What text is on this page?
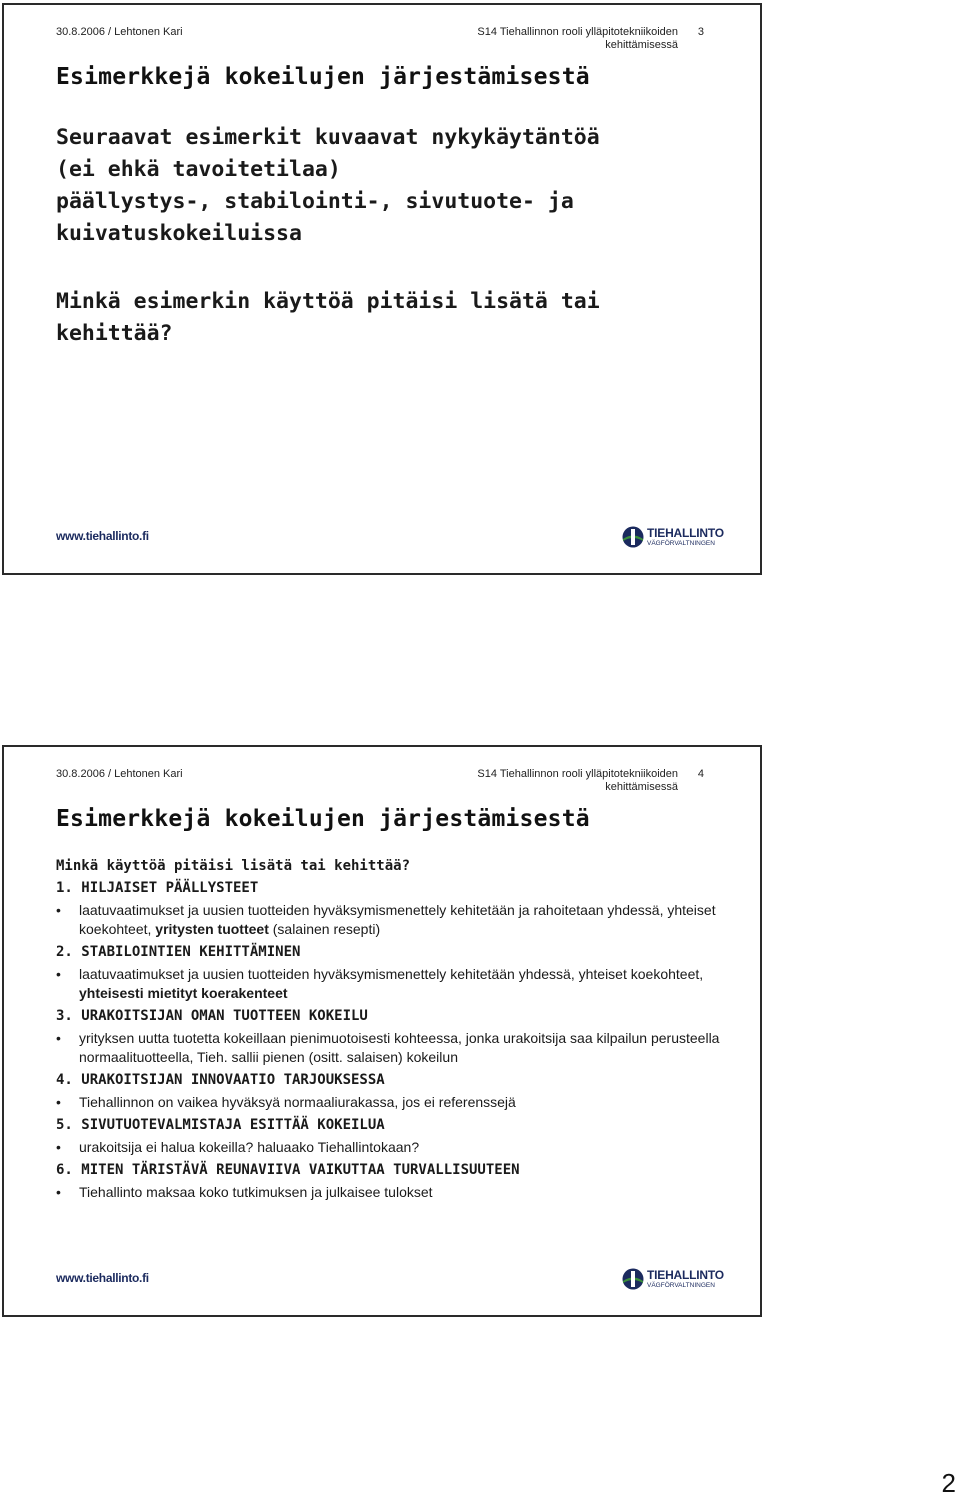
30.8.2006 / Lehtonen Kari	S14 Tiehallinnon rooli ylläpitotekniikoiden kehittämisessä
3
Esimerkkejä kokeilujen järjestämisestä

Seuraavat esimerkit kuvaavat nykykäytäntöä

(ei ehkä tavoitetilaa)

päällystys-, stabilointi-, sivutuote- ja

kuivatuskokeiluissa

Minkä esimerkin käyttöä pitäisi lisätä tai

kehittää?

www.tiehallinto.fi	TIEHALLINTO
VÄGFÖRVALTNINGEN
30.8.2006 / Lehtonen Kari	S14 Tiehallinnon rooli ylläpitotekniikoiden kehittämisessä
4
Esimerkkejä kokeilujen järjestämisestä
Minkä käyttöä pitäisi lisätä tai kehittää?
1. HILJAISET PÄÄLLYSTEET
• laatuvaatimukset ja uusien tuotteiden hyväksymismenettely kehitetään ja rahoitetaan yhdessä, yhteiset koekohteet, yritysten tuotteet (salainen resepti)
2. STABILOINTIEN KEHITTÄMINEN
• laatuvaatimukset ja uusien tuotteiden hyväksymismenettely kehitetään yhdessä, yhteiset koekohteet, yhteisesti mietityt koerakenteet
3. URAKOITSIJAN OMAN TUOTTEEN KOKEILU
• yrityksen uutta tuotetta kokeillaan pienimuotoisesti kohteessa, jonka urakoitsija saa kilpailun perusteella normaalituotteella, Tieh. sallii pienen (ositt. salaisen) kokeilun
4. URAKOITSIJAN INNOVAATIO TARJOUKSESSA
• Tiehallinnon on vaikea hyväksyä normaaliurakassa, jos ei referenssejä
5. SIVUTUOTEVALMISTAJA ESITTÄÄ KOKEILUA
• urakoitsija ei halua kokeilla? haluaako Tiehallintokaan?
6. MITEN TÄRISTÄVÄ REUNAVIIVA VAIKUTTAA TURVALLISUUTEEN
• Tiehallinto maksaa koko tutkimuksen ja julkaisee tulokset
www.tiehallinto.fi	TIEHALLINTO
VÄGFÖRVALTNINGEN
2
